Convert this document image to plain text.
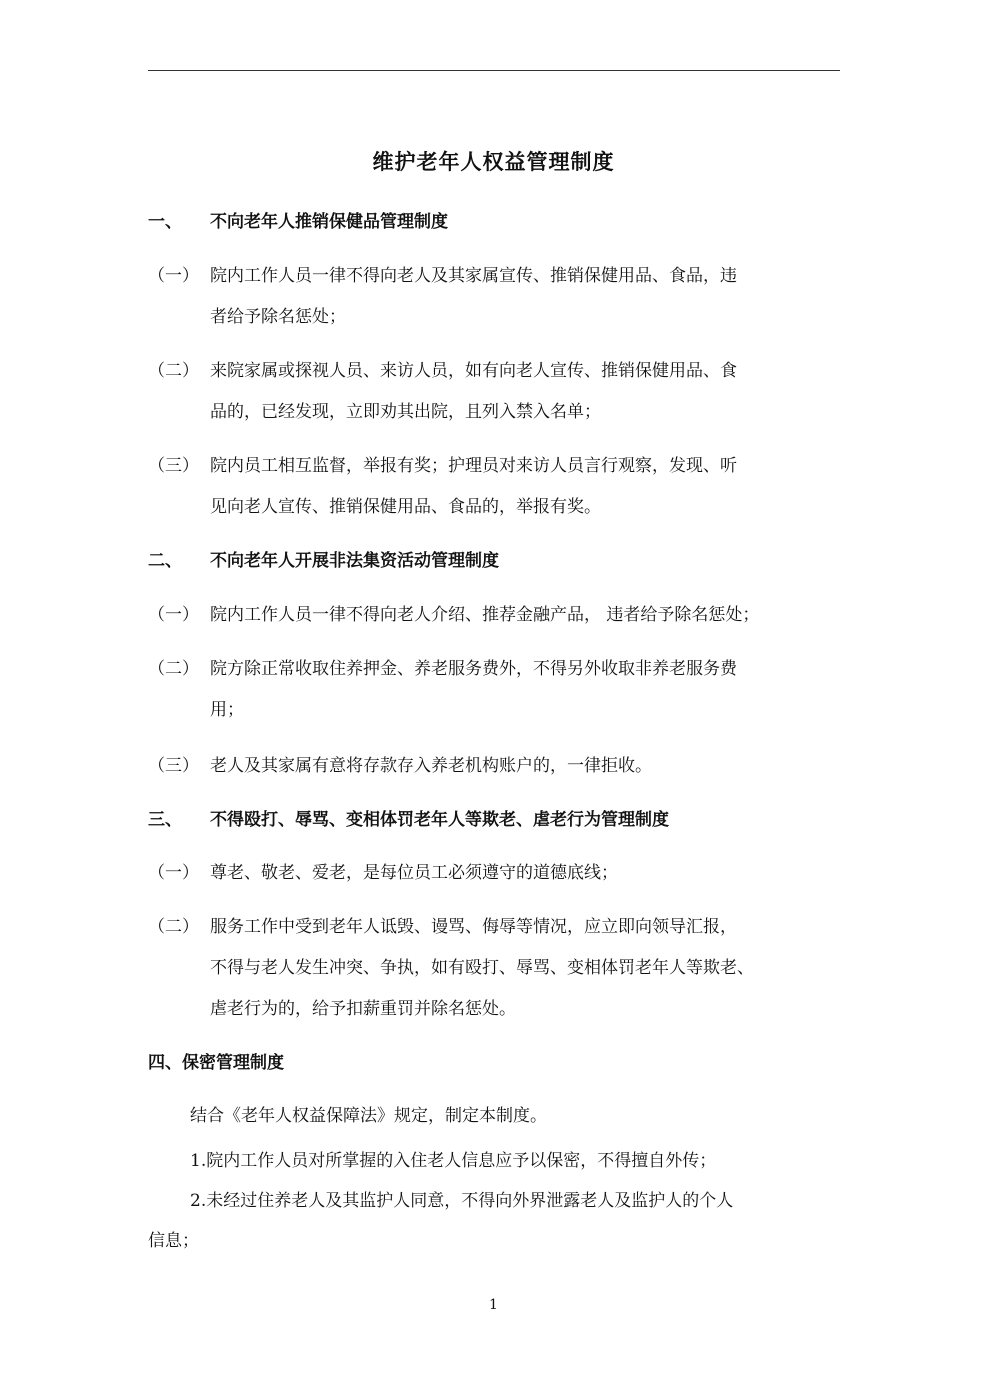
维护老年人权益管理制度
一、 不向老年人推销保健品管理制度
（一） 院内工作人员一律不得向老人及其家属宣传、推销保健用品、食品，违
者给予除名惩处；
（二） 来院家属或探视人员、来访人员，如有向老人宣传、推销保健用品、食
品的，已经发现，立即劝其出院，且列入禁入名单；
（三） 院内员工相互监督，举报有奖；护理员对来访人员言行观察，发现、听
见向老人宣传、推销保健用品、食品的，举报有奖。
二、 不向老年人开展非法集资活动管理制度
（一） 院内工作人员一律不得向老人介绍、推荐金融产品， 违者给予除名惩处；
（二） 院方除正常收取住养押金、养老服务费外，不得另外收取非养老服务费
用；
（三） 老人及其家属有意将存款存入养老机构账户的，一律拒收。
三、 不得殴打、辱骂、变相体罚老年人等欺老、虐老行为管理制度
（一） 尊老、敬老、爱老，是每位员工必须遵守的道德底线；
（二） 服务工作中受到老年人诋毁、谩骂、侮辱等情况，应立即向领导汇报，
不得与老人发生冲突、争执，如有殴打、辱骂、变相体罚老年人等欺老、
虐老行为的，给予扣薪重罚并除名惩处。
四、保密管理制度
结合《老年人权益保障法》规定，制定本制度。
1.院内工作人员对所掌握的入住老人信息应予以保密，不得擅自外传；
2.未经过住养老人及其监护人同意，不得向外界泄露老人及监护人的个人
信息；
1
